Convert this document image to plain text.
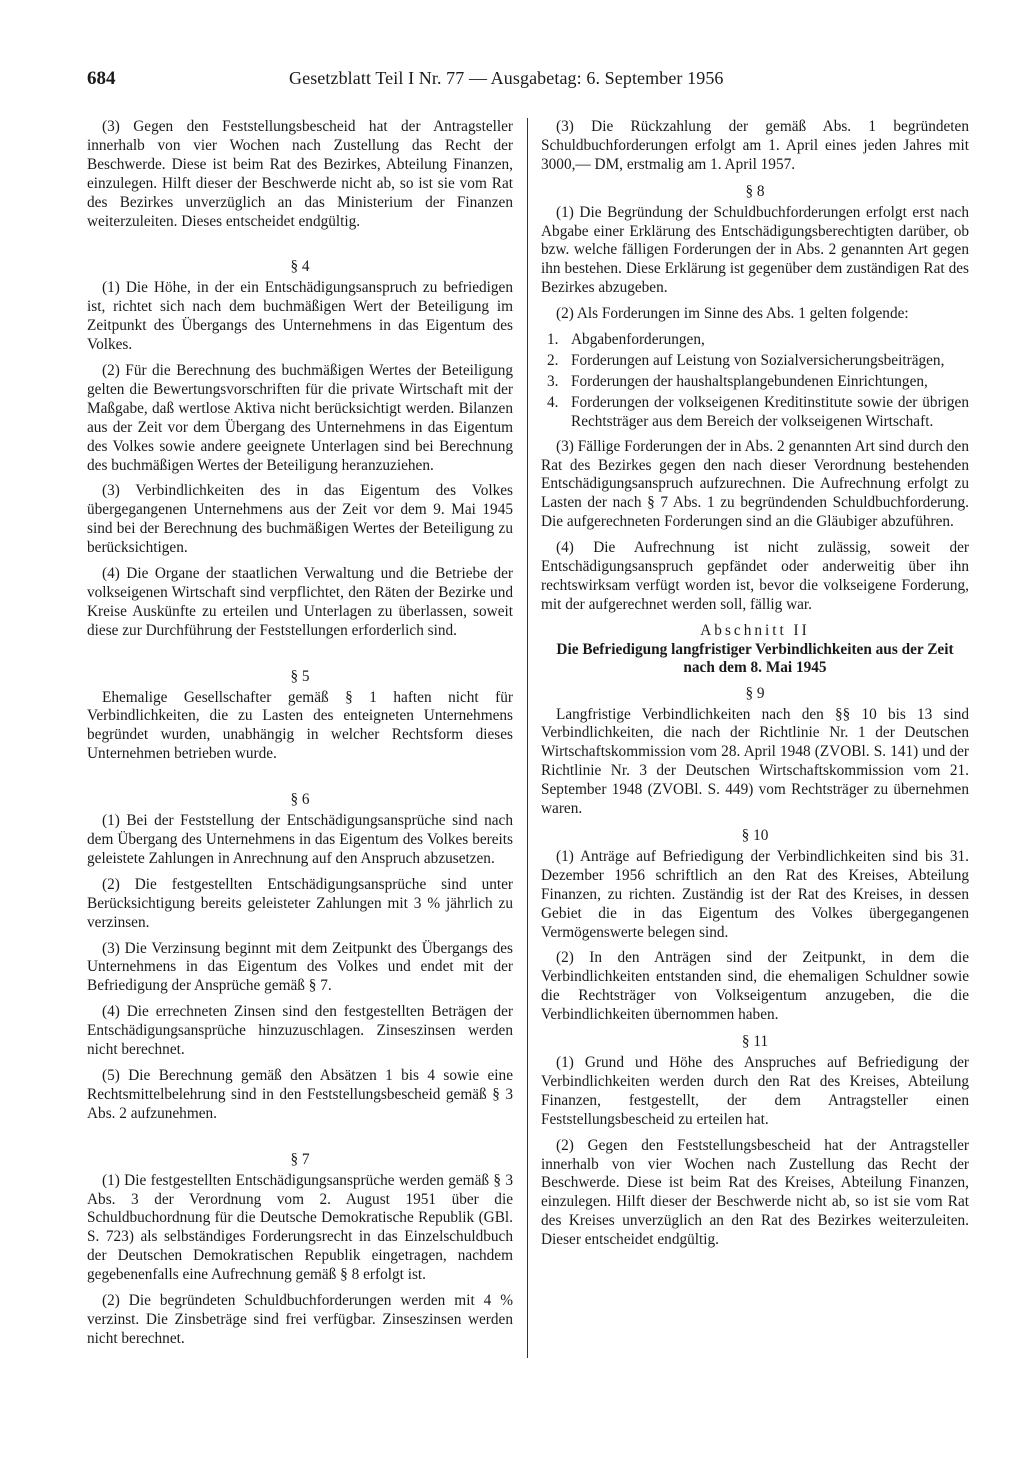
684	Gesetzblatt Teil I Nr. 77 — Ausgabetag: 6. September 1956

(3) Gegen den Feststellungsbescheid hat der Antragsteller innerhalb von vier Wochen nach Zustellung das Recht der Beschwerde. Diese ist beim Rat des Bezirkes, Abteilung Finanzen, einzulegen. Hilft dieser der Beschwerde nicht ab, so ist sie vom Rat des Bezirkes unverzüglich an das Ministerium der Finanzen weiterzuleiten. Dieses entscheidet endgültig.

§ 4

(1) Die Höhe, in der ein Entschädigungsanspruch zu befriedigen ist, richtet sich nach dem buchmäßigen Wert der Beteiligung im Zeitpunkt des Übergangs des Unternehmens in das Eigentum des Volkes.

(2) Für die Berechnung des buchmäßigen Wertes der Beteiligung gelten die Bewertungsvorschriften für die private Wirtschaft mit der Maßgabe, daß wertlose Aktiva nicht berücksichtigt werden. Bilanzen aus der Zeit vor dem Übergang des Unternehmens in das Eigentum des Volkes sowie andere geeignete Unterlagen sind bei Berechnung des buchmäßigen Wertes der Beteiligung heranzuziehen.

(3) Verbindlichkeiten des in das Eigentum des Volkes übergegangenen Unternehmens aus der Zeit vor dem 9. Mai 1945 sind bei der Berechnung des buchmäßigen Wertes der Beteiligung zu berücksichtigen.

(4) Die Organe der staatlichen Verwaltung und die Betriebe der volkseigenen Wirtschaft sind verpflichtet, den Räten der Bezirke und Kreise Auskünfte zu erteilen und Unterlagen zu überlassen, soweit diese zur Durchführung der Feststellungen erforderlich sind.

§ 5

Ehemalige Gesellschafter gemäß § 1 haften nicht für Verbindlichkeiten, die zu Lasten des enteigneten Unternehmens begründet wurden, unabhängig in welcher Rechtsform dieses Unternehmen betrieben wurde.

§ 6

(1) Bei der Feststellung der Entschädigungsansprüche sind nach dem Übergang des Unternehmens in das Eigentum des Volkes bereits geleistete Zahlungen in Anrechnung auf den Anspruch abzusetzen.

(2) Die festgestellten Entschädigungsansprüche sind unter Berücksichtigung bereits geleisteter Zahlungen mit 3 % jährlich zu verzinsen.

(3) Die Verzinsung beginnt mit dem Zeitpunkt des Übergangs des Unternehmens in das Eigentum des Volkes und endet mit der Befriedigung der Ansprüche gemäß § 7.

(4) Die errechneten Zinsen sind den festgestellten Beträgen der Entschädigungsansprüche hinzuzuschlagen. Zinseszinsen werden nicht berechnet.

(5) Die Berechnung gemäß den Absätzen 1 bis 4 sowie eine Rechtsmittelbelehrung sind in den Feststellungsbescheid gemäß § 3 Abs. 2 aufzunehmen.

§ 7

(1) Die festgestellten Entschädigungsansprüche werden gemäß § 3 Abs. 3 der Verordnung vom 2. August 1951 über die Schuldbuchordnung für die Deutsche Demokratische Republik (GBl. S. 723) als selbständiges Forderungsrecht in das Einzelschuldbuch der Deutschen Demokratischen Republik eingetragen, nachdem gegebenenfalls eine Aufrechnung gemäß § 8 erfolgt ist.

(2) Die begründeten Schuldbuchforderungen werden mit 4 % verzinst. Die Zinsbeträge sind frei verfügbar. Zinseszinsen werden nicht berechnet.

(3) Die Rückzahlung der gemäß Abs. 1 begründeten Schuldbuchforderungen erfolgt am 1. April eines jeden Jahres mit 3000,— DM, erstmalig am 1. April 1957.

§ 8

(1) Die Begründung der Schuldbuchforderungen erfolgt erst nach Abgabe einer Erklärung des Entschädigungsberechtigten darüber, ob bzw. welche fälligen Forderungen der in Abs. 2 genannten Art gegen ihn bestehen. Diese Erklärung ist gegenüber dem zuständigen Rat des Bezirkes abzugeben.

(2) Als Forderungen im Sinne des Abs. 1 gelten folgende:

1. Abgabenforderungen,
2. Forderungen auf Leistung von Sozialversicherungsbeiträgen,
3. Forderungen der haushaltsplangebundenen Einrichtungen,
4. Forderungen der volkseigenen Kreditinstitute sowie der übrigen Rechtsträger aus dem Bereich der volkseigenen Wirtschaft.

(3) Fällige Forderungen der in Abs. 2 genannten Art sind durch den Rat des Bezirkes gegen den nach dieser Verordnung bestehenden Entschädigungsanspruch aufzurechnen. Die Aufrechnung erfolgt zu Lasten der nach § 7 Abs. 1 zu begründenden Schuldbuchforderung. Die aufgerechneten Forderungen sind an die Gläubiger abzuführen.

(4) Die Aufrechnung ist nicht zulässig, soweit der Entschädigungsanspruch gepfändet oder anderweitig über ihn rechtswirksam verfügt worden ist, bevor die volkseigene Forderung, mit der aufgerechnet werden soll, fällig war.

Abschnitt II
Die Befriedigung langfristiger Verbindlichkeiten aus der Zeit nach dem 8. Mai 1945
§ 9

Langfristige Verbindlichkeiten nach den §§ 10 bis 13 sind Verbindlichkeiten, die nach der Richtlinie Nr. 1 der Deutschen Wirtschaftskommission vom 28. April 1948 (ZVOBl. S. 141) und der Richtlinie Nr. 3 der Deutschen Wirtschaftskommission vom 21. September 1948 (ZVOBl. S. 449) vom Rechtsträger zu übernehmen waren.

§ 10

(1) Anträge auf Befriedigung der Verbindlichkeiten sind bis 31. Dezember 1956 schriftlich an den Rat des Kreises, Abteilung Finanzen, zu richten. Zuständig ist der Rat des Kreises, in dessen Gebiet die in das Eigentum des Volkes übergegangenen Vermögenswerte belegen sind.

(2) In den Anträgen sind der Zeitpunkt, in dem die Verbindlichkeiten entstanden sind, die ehemaligen Schuldner sowie die Rechtsträger von Volkseigentum anzugeben, die die Verbindlichkeiten übernommen haben.

§ 11

(1) Grund und Höhe des Anspruches auf Befriedigung der Verbindlichkeiten werden durch den Rat des Kreises, Abteilung Finanzen, festgestellt, der dem Antragsteller einen Feststellungsbescheid zu erteilen hat.

(2) Gegen den Feststellungsbescheid hat der Antragsteller innerhalb von vier Wochen nach Zustellung das Recht der Beschwerde. Diese ist beim Rat des Kreises, Abteilung Finanzen, einzulegen. Hilft dieser der Beschwerde nicht ab, so ist sie vom Rat des Kreises unverzüglich an den Rat des Bezirkes weiterzuleiten. Dieser entscheidet endgültig.
